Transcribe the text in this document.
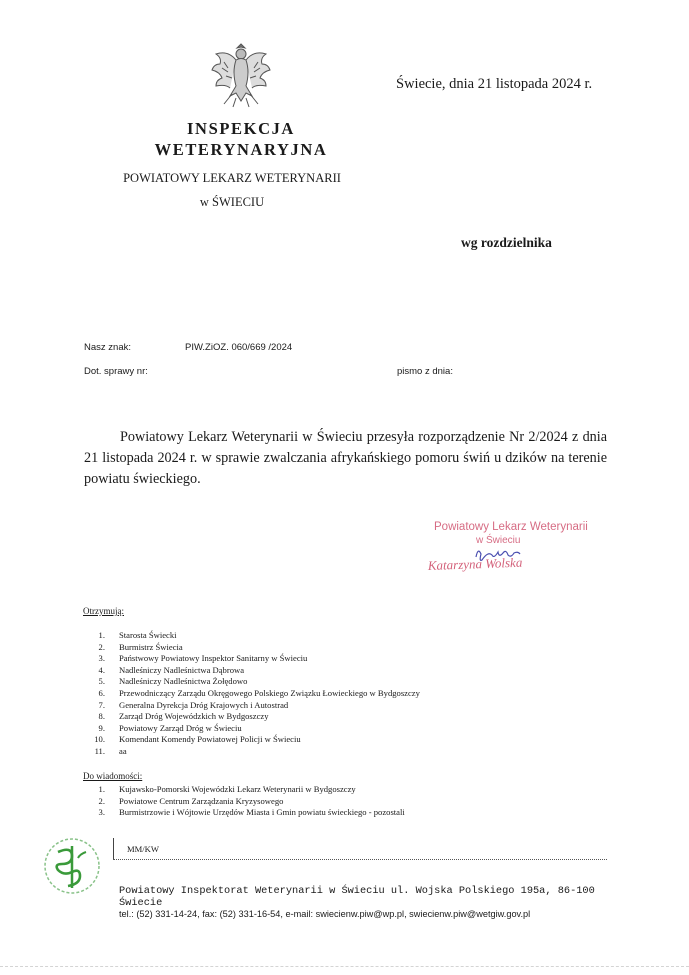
Świecie, dnia 21 listopada 2024 r.
INSPEKCJA
WETERYNARYJNA
POWIATOWY LEKARZ WETERYNARII
w ŚWIECIU
wg rozdzielnika
Nasz znak:	PIW.ZiOZ. 060/669 /2024
Dot. sprawy nr:	pismo z dnia:

Powiatowy Lekarz Weterynarii w Świeciu przesyła rozporządzenie Nr 2/2024 z dnia 21 listopada 2024 r. w sprawie zwalczania afrykańskiego pomoru świń u dzików na terenie powiatu świeckiego.

Powiatowy Lekarz Weterynarii
w Świeciu
Katarzyna Wolska
Otrzymują:
1.	Starosta Świecki
2.	Burmistrz Świecia
3.	Państwowy Powiatowy Inspektor Sanitarny w Świeciu
4.	Nadleśniczy Nadleśnictwa Dąbrowa
5.	Nadleśniczy Nadleśnictwa Żołędowo
6.	Przewodniczący Zarządu Okręgowego Polskiego Związku Łowieckiego w Bydgoszczy
7.	Generalna Dyrekcja Dróg Krajowych i Autostrad
8.	Zarząd Dróg Wojewódzkich w Bydgoszczy
9.	Powiatowy Zarząd Dróg w Świeciu
10.	Komendant Komendy Powiatowej Policji w Świeciu
11.	aa
Do wiadomości:
1.	Kujawsko-Pomorski Wojewódzki Lekarz Weterynarii w Bydgoszczy
2.	Powiatowe Centrum Zarządzania Kryzysowego
3.	Burmistrzowie i Wójtowie Urzędów Miasta i Gmin powiatu świeckiego - pozostali
MM/KW
Powiatowy Inspektorat Weterynarii w Świeciu ul. Wojska Polskiego 195a, 86-100
Świecie
tel.: (52) 331-14-24, fax: (52) 331-16-54, e-mail: swiecienw.piw@wp.pl, swiecienw.piw@wetgiw.gov.pl
